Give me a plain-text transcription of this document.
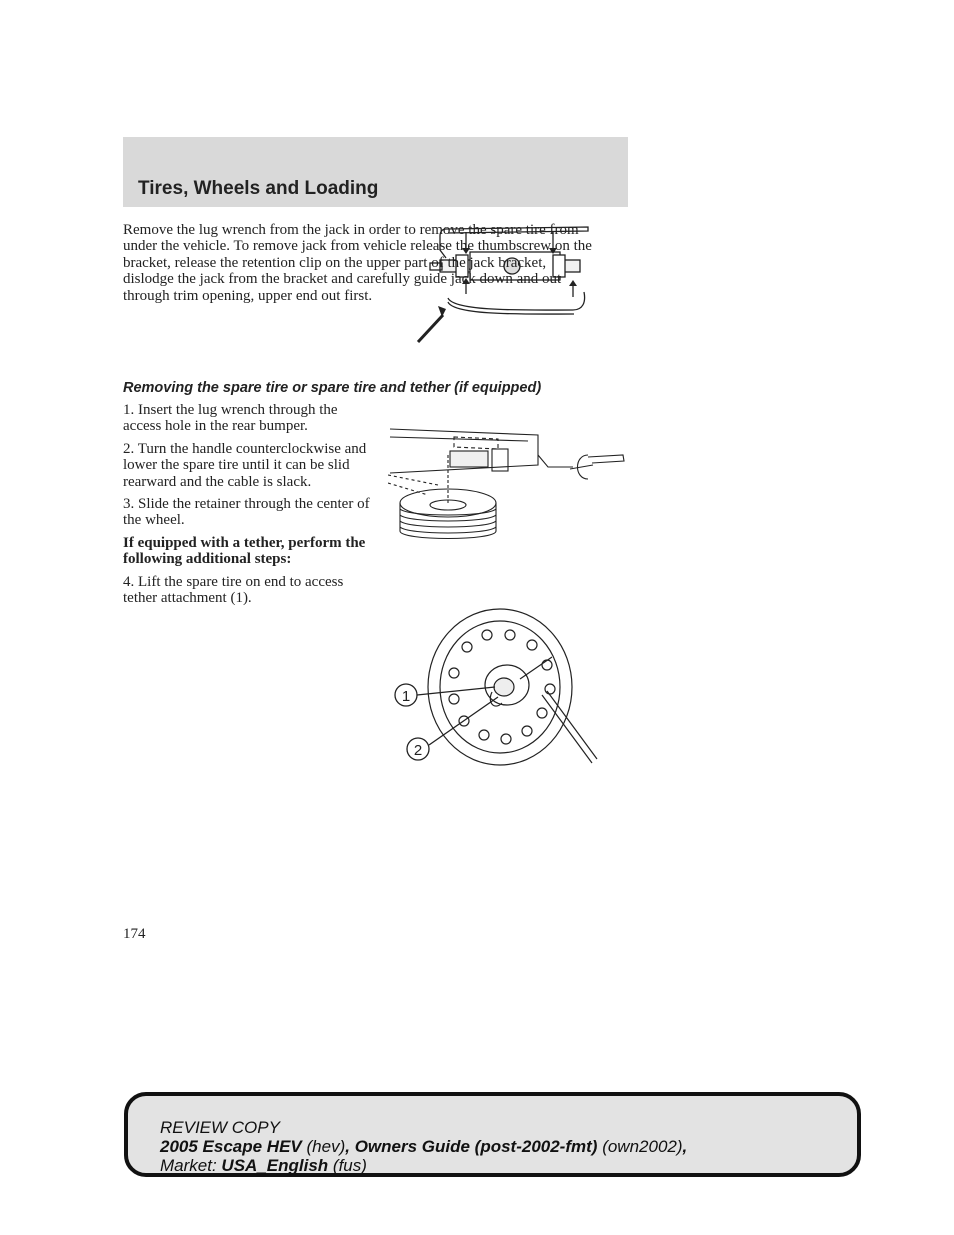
Tires, Wheels and Loading

Remove the lug wrench from the jack in order to remove the spare tire from under the vehicle. To remove jack from vehicle release the thumbscrew on the bracket, release the retention clip on the upper part of the jack bracket, dislodge the jack from the bracket and carefully guide jack down and out through trim opening, upper end out first.

Removing the spare tire or spare tire and tether (if equipped)

1. Insert the lug wrench through the access hole in the rear bumper.

2. Turn the handle counterclockwise and lower the spare tire until it can be slid rearward and the cable is slack.

3. Slide the retainer through the center of the wheel.

If equipped with a tether, perform the following additional steps:

4. Lift the spare tire on end to access tether attachment (1).

1
2

174

REVIEW COPY
2005 Escape HEV (hev), Owners Guide (post-2002-fmt) (own2002),
Market: USA_English (fus)
